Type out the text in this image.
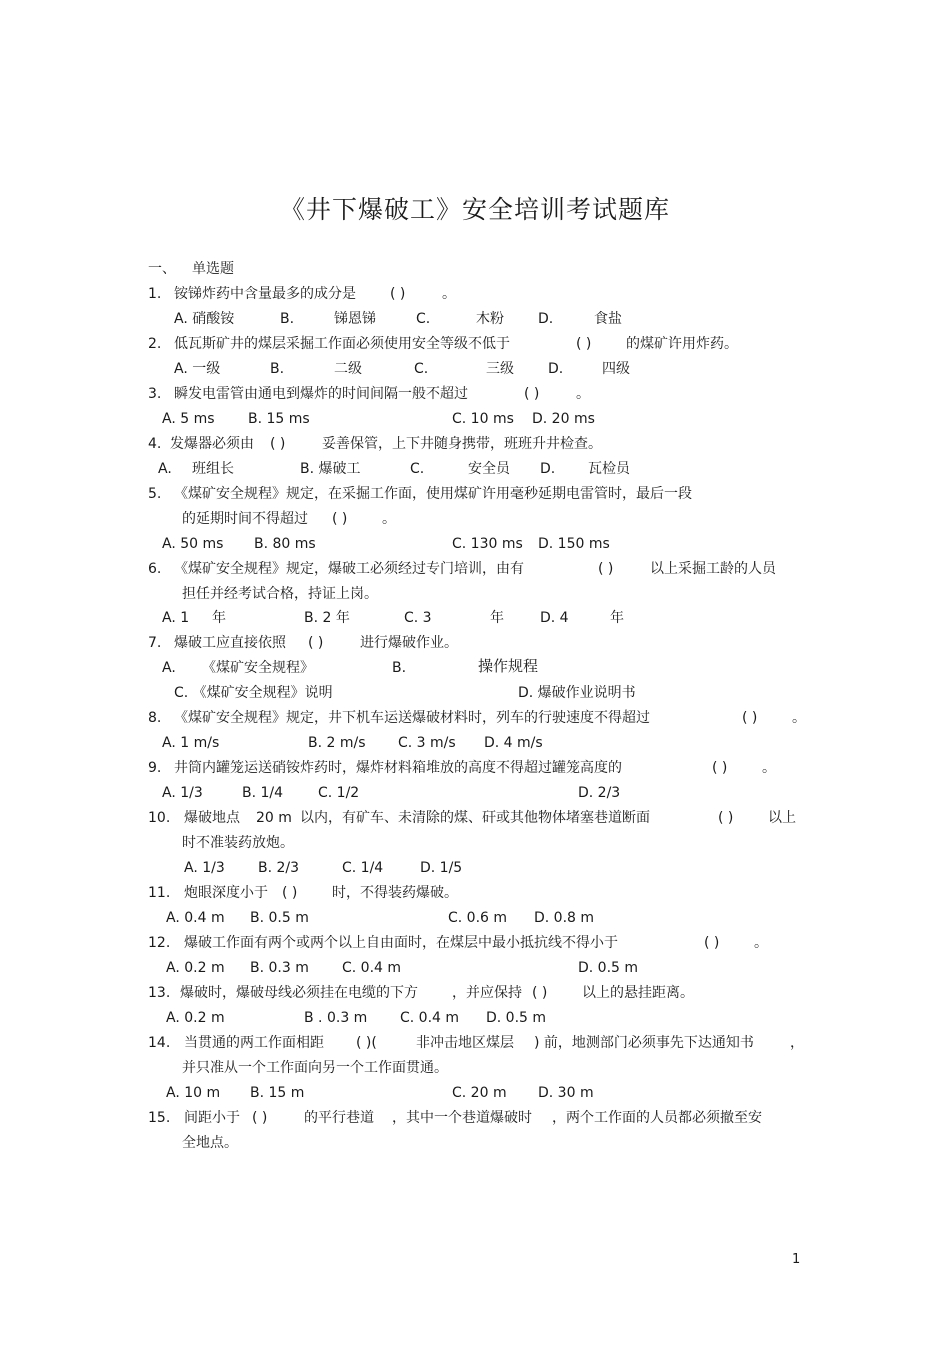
《井下爆破工》安全培训考试题库
一、 单选题
1. 铵锑炸药中含量最多的成分是 ( )	。
A. 硝酸铵	B.	锑恩锑	C.	木粉 D.	食盐
2. 低瓦斯矿井的煤层采掘工作面必须使用安全等级不低于	( ) 的煤矿许用炸药。
A. 一级	B.	二级	C.	三级 D.	四级
3. 瞬发电雷管由通电到爆炸的时间间隔一般不超过	( )	。
A. 5 ms B. 15 ms	C. 10 ms D. 20 ms
4. 发爆器必须由 ( )	妥善保管，上下井随身携带，班班升井检查。
A. 班组长	B. 爆破工	C.	安全员 D. 瓦检员
5. 《煤矿安全规程》规定，在采掘工作面，使用煤矿许用毫秒延期电雷管时，最后一段
的延期时间不得超过 ( ) 。
A. 50 ms B. 80 ms	C. 130 ms D. 150 ms
6. 《煤矿安全规程》规定，爆破工必须经过专门培训，由有	( )	以上采掘工龄的人员
担任并经考试合格，持证上岗。
A. 1 年	B. 2 年	C. 3	年	D. 4	年
7. 爆破工应直接依照 ( )	进行爆破作业。
A. 《煤矿安全规程》	B.	操作规程
C. 《煤矿安全规程》说明	D. 爆破作业说明书
8. 《煤矿安全规程》规定，井下机车运送爆破材料时，列车的行驶速度不得超过	( ) 。
A. 1 m/s	B. 2 m/s C. 3 m/s D. 4 m/s
9. 井筒内罐笼运送硝铵炸药时，爆炸材料箱堆放的高度不得超过罐笼高度的	( ) 。
A. 1/3	B. 1/4 C. 1/2	D. 2/3
10. 爆破地点 20 m 以内，有矿车、未清除的煤、矸或其他物体堵塞巷道断面	( ) 以上
时不准装药放炮。
A. 1/3 B. 2/3	C. 1/4	D. 1/5
11. 炮眼深度小于 ( ) 时，不得装药爆破。
A. 0.4 m B. 0.5 m	C. 0.6 m D. 0.8 m
12. 爆破工作面有两个或两个以上自由面时，在煤层中最小抵抗线不得小于	( ) 。
A. 0.2 m B. 0.3 m C. 0.4 m	D. 0.5 m
13. 爆破时，爆破母线必须挂在电缆的下方 ，并应保持 ( ) 以上的悬挂距离。
A. 0.2 m	B . 0.3 m C. 0.4 m D. 0.5 m
14. 当贯通的两工作面相距 ( )(	非冲击地区煤层 ) 前，地测部门必须事先下达通知书	，
并只准从一个工作面向另一个工作面贯通。
A. 10 m B. 15 m	C. 20 m D. 30 m
15. 间距小于 ( )	的平行巷道 ，其中一个巷道爆破时 ，两个工作面的人员都必须撤至安
全地点。
1
